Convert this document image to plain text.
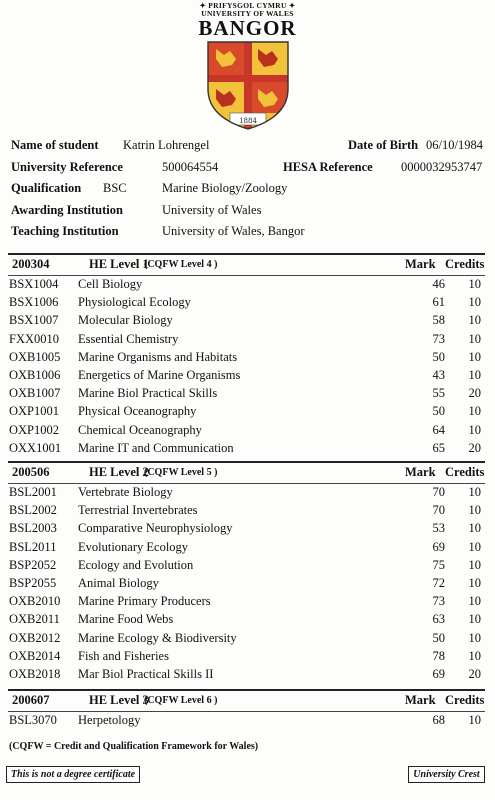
✦ PRIFYSGOL CYMRU ✦
UNIVERSITY OF WALES
BANGOR
1884
Name of student Katrin Lohrengel	Date of Birth 06/10/1984
University Reference	500064554	HESA Reference 0000032953747
Qualification BSC	Marine Biology/Zoology
Awarding Institution	University of Wales
Teaching Institution	University of Wales, Bangor
200304	HE Level 1
(CQFW Level 4 )	Mark Credits
BSX1004 Cell Biology	46 10
BSX1006 Physiological Ecology	61 10
BSX1007 Molecular Biology	58 10
FXX0010 Essential Chemistry	73 10
OXB1005 Marine Organisms and Habitats	50 10
OXB1006 Energetics of Marine Organisms	43 10
OXB1007 Marine Biol Practical Skills	55 20
OXP1001 Physical Oceanography	50 10
OXP1002 Chemical Oceanography	64 10
OXX1001 Marine IT and Communication	65 20
200506	HE Level 2
(CQFW Level 5 )	Mark Credits
BSL2001 Vertebrate Biology	70 10
BSL2002 Terrestrial Invertebrates	70 10
BSL2003 Comparative Neurophysiology	53 10
BSL2011 Evolutionary Ecology	69 10
BSP2052 Ecology and Evolution	75 10
BSP2055 Animal Biology	72 10
OXB2010 Marine Primary Producers	73 10
OXB2011 Marine Food Webs	63 10
OXB2012 Marine Ecology & Biodiversity	50 10
OXB2014 Fish and Fisheries	78 10
OXB2018 Mar Biol Practical Skills II	69 20
200607	HE Level 3
(CQFW Level 6 )	Mark Credits
BSL3070 Herpetology	68 10
(CQFW = Credit and Qualification Framework for Wales)
This is not a degree certificate	University Crest
